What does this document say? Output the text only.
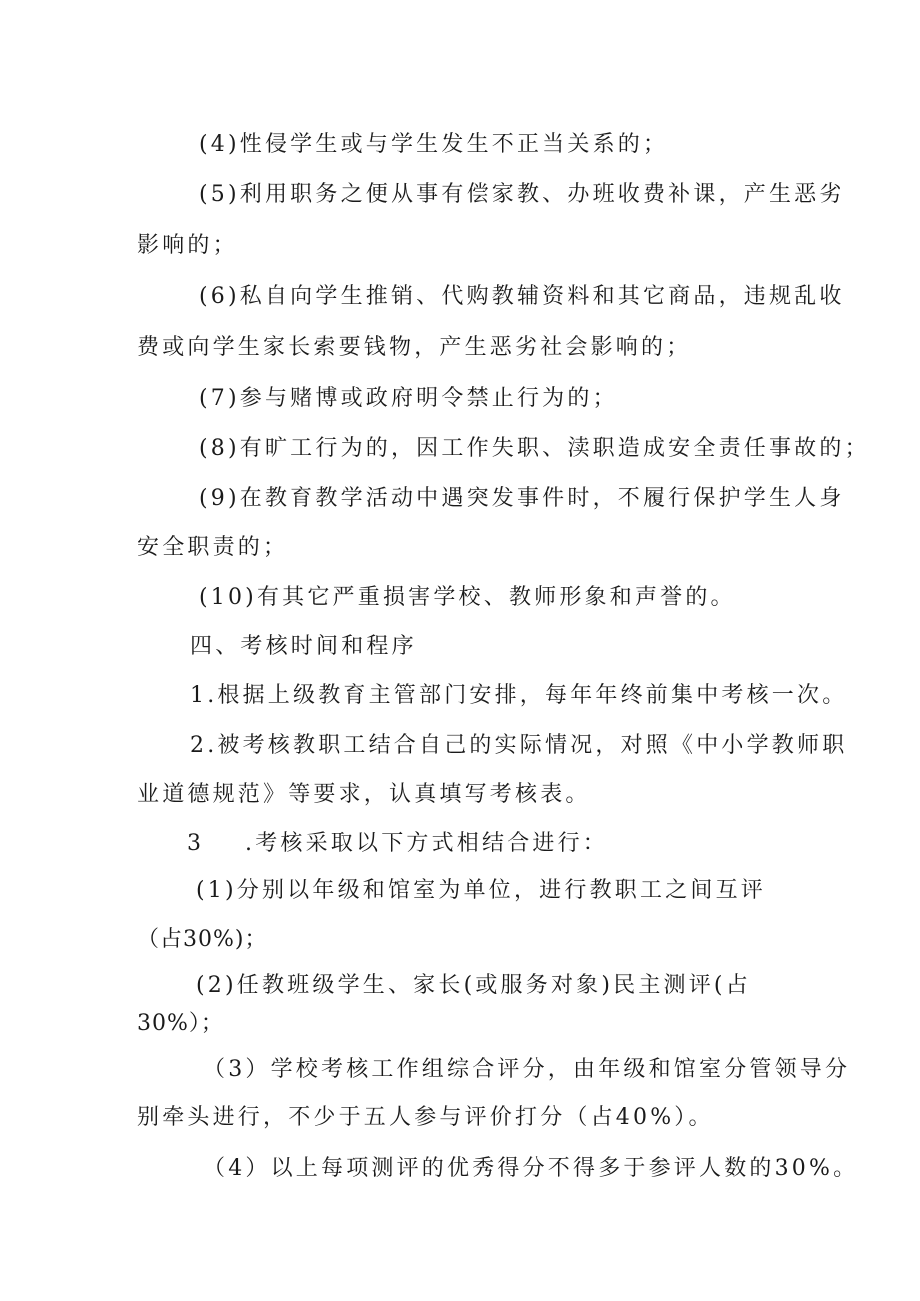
(4)性侵学生或与学生发生不正当关系的；
(5)利用职务之便从事有偿家教、办班收费补课，产生恶劣
影响的；
(6)私自向学生推销、代购教辅资料和其它商品，违规乱收
费或向学生家长索要钱物，产生恶劣社会影响的；
(7)参与赌博或政府明令禁止行为的；
(8)有旷工行为的，因工作失职、渎职造成安全责任事故的；
(9)在教育教学活动中遇突发事件时，不履行保护学生人身
安全职责的；
(10)有其它严重损害学校、教师形象和声誉的。
四、考核时间和程序
1.根据上级教育主管部门安排，每年年终前集中考核一次。
2.被考核教职工结合自己的实际情况，对照《中小学教师职
业道德规范》等要求，认真填写考核表。
3 .考核采取以下方式相结合进行：
(1)分别以年级和馆室为单位，进行教职工之间互评
（占30%)；
(2)任教班级学生、家长(或服务对象)民主测评(占
30%）；
（3）学校考核工作组综合评分，由年级和馆室分管领导分
别牵头进行，不少于五人参与评价打分（占40%）。
（4）以上每项测评的优秀得分不得多于参评人数的30%。
